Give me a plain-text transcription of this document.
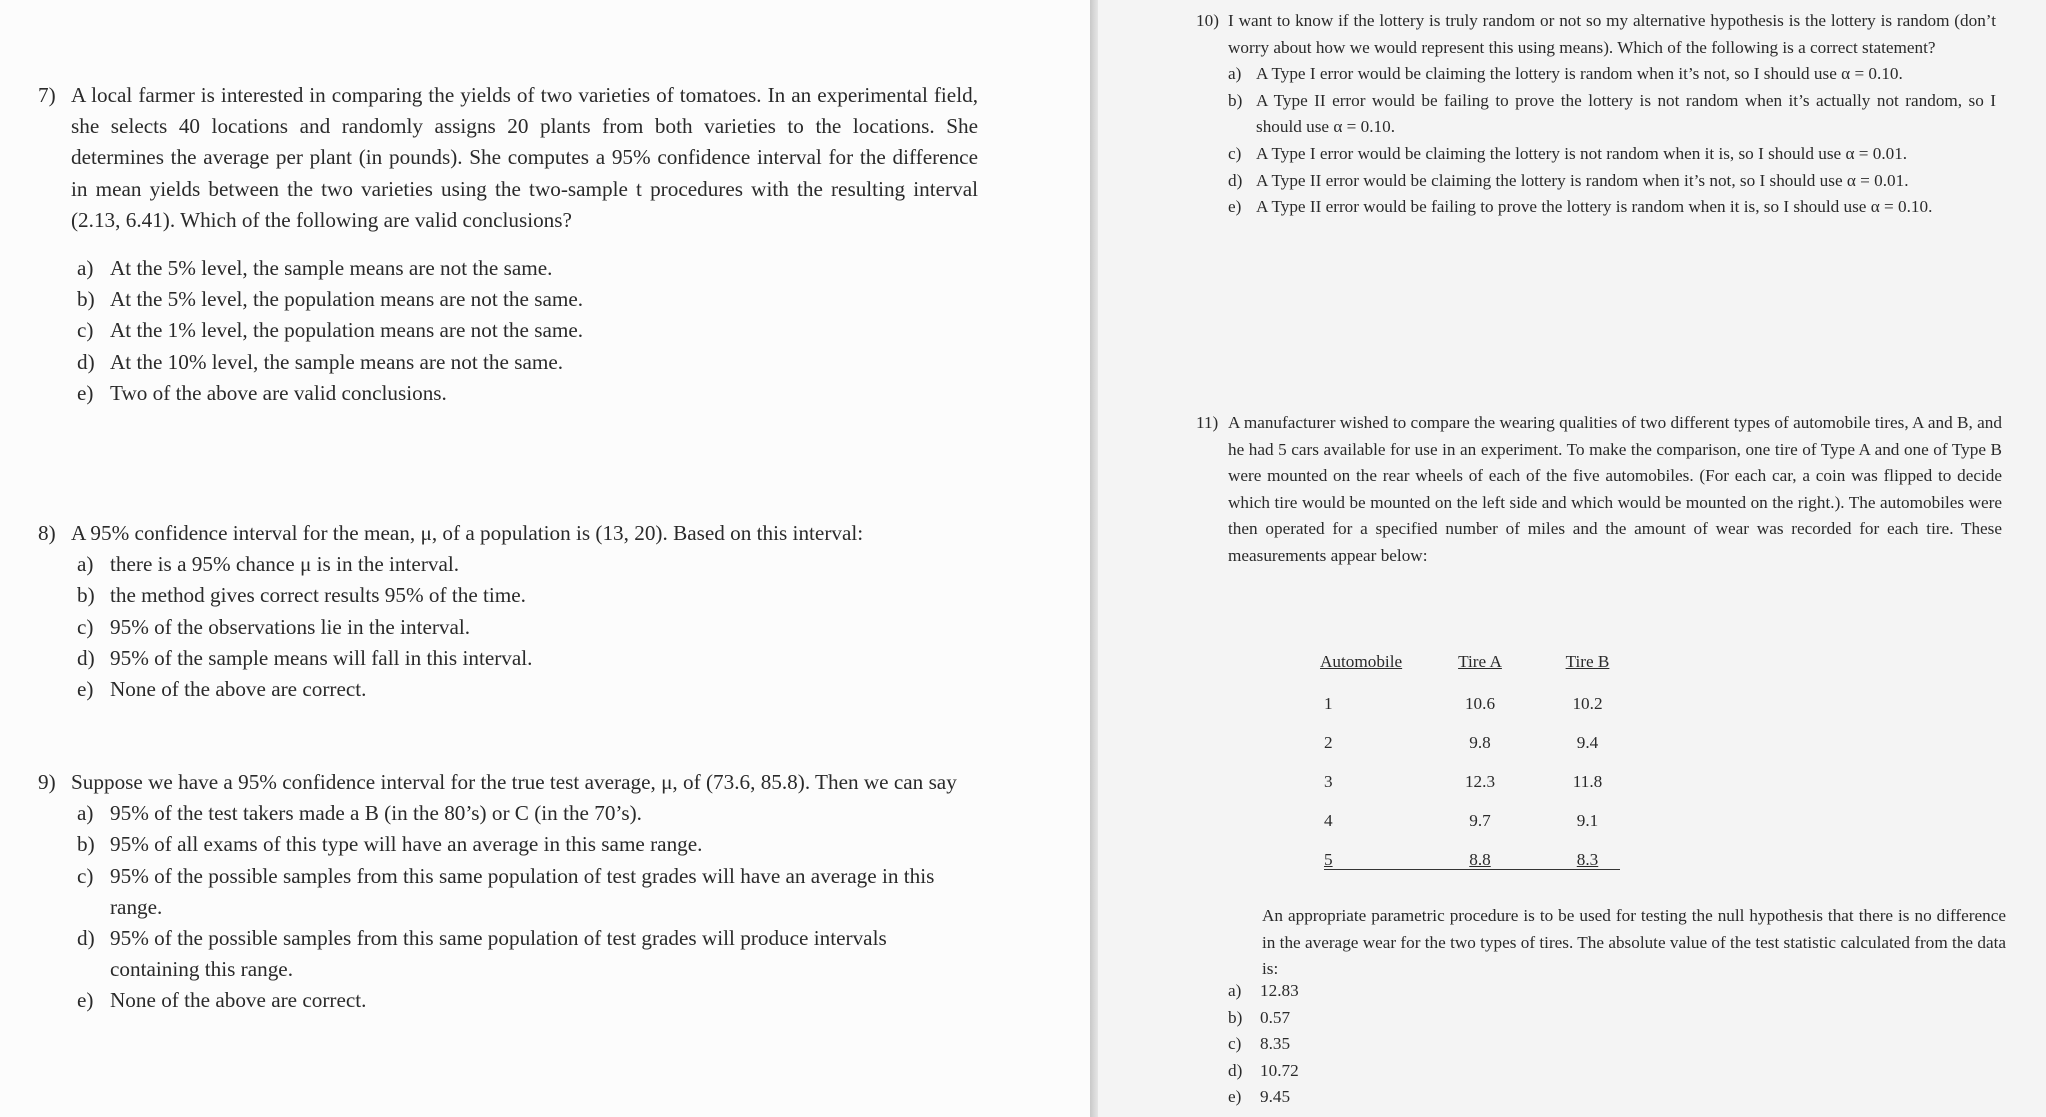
7) A local farmer is interested in comparing the yields of two varieties of tomatoes. In an experimental field, she selects 40 locations and randomly assigns 20 plants from both varieties to the locations. She determines the average per plant (in pounds). She computes a 95% confidence interval for the difference in mean yields between the two varieties using the two-sample t procedures with the resulting interval (2.13, 6.41). Which of the following are valid conclusions?
a) At the 5% level, the sample means are not the same.
b) At the 5% level, the population means are not the same.
c) At the 1% level, the population means are not the same.
d) At the 10% level, the sample means are not the same.
e) Two of the above are valid conclusions.
8) A 95% confidence interval for the mean, μ, of a population is (13, 20). Based on this interval:
a) there is a 95% chance μ is in the interval.
b) the method gives correct results 95% of the time.
c) 95% of the observations lie in the interval.
d) 95% of the sample means will fall in this interval.
e) None of the above are correct.
9) Suppose we have a 95% confidence interval for the true test average, μ, of (73.6, 85.8). Then we can say
a) 95% of the test takers made a B (in the 80’s) or C (in the 70’s).
b) 95% of all exams of this type will have an average in this same range.
c) 95% of the possible samples from this same population of test grades will have an average in this range.
d) 95% of the possible samples from this same population of test grades will produce intervals containing this range.
e) None of the above are correct.
10) I want to know if the lottery is truly random or not so my alternative hypothesis is the lottery is random (don’t worry about how we would represent this using means). Which of the following is a correct statement?
a) A Type I error would be claiming the lottery is random when it’s not, so I should use α = 0.10.
b) A Type II error would be failing to prove the lottery is not random when it’s actually not random, so I should use α = 0.10.
c) A Type I error would be claiming the lottery is not random when it is, so I should use α = 0.01.
d) A Type II error would be claiming the lottery is random when it’s not, so I should use α = 0.01.
e) A Type II error would be failing to prove the lottery is random when it is, so I should use α = 0.10.
11) A manufacturer wished to compare the wearing qualities of two different types of automobile tires, A and B, and he had 5 cars available for use in an experiment. To make the comparison, one tire of Type A and one of Type B were mounted on the rear wheels of each of the five automobiles. (For each car, a coin was flipped to decide which tire would be mounted on the left side and which would be mounted on the right.). The automobiles were then operated for a specified number of miles and the amount of wear was recorded for each tire. These measurements appear below:
Automobile	Tire A	Tire B
1	10.6	10.2
2	9.8	9.4
3	12.3	11.8
4	9.7	9.1
5	8.8	8.3

An appropriate parametric procedure is to be used for testing the null hypothesis that there is no difference in the average wear for the two types of tires. The absolute value of the test statistic calculated from the data is:

a) 12.83
b) 0.57
c) 8.35
d) 10.72
e) 9.45
